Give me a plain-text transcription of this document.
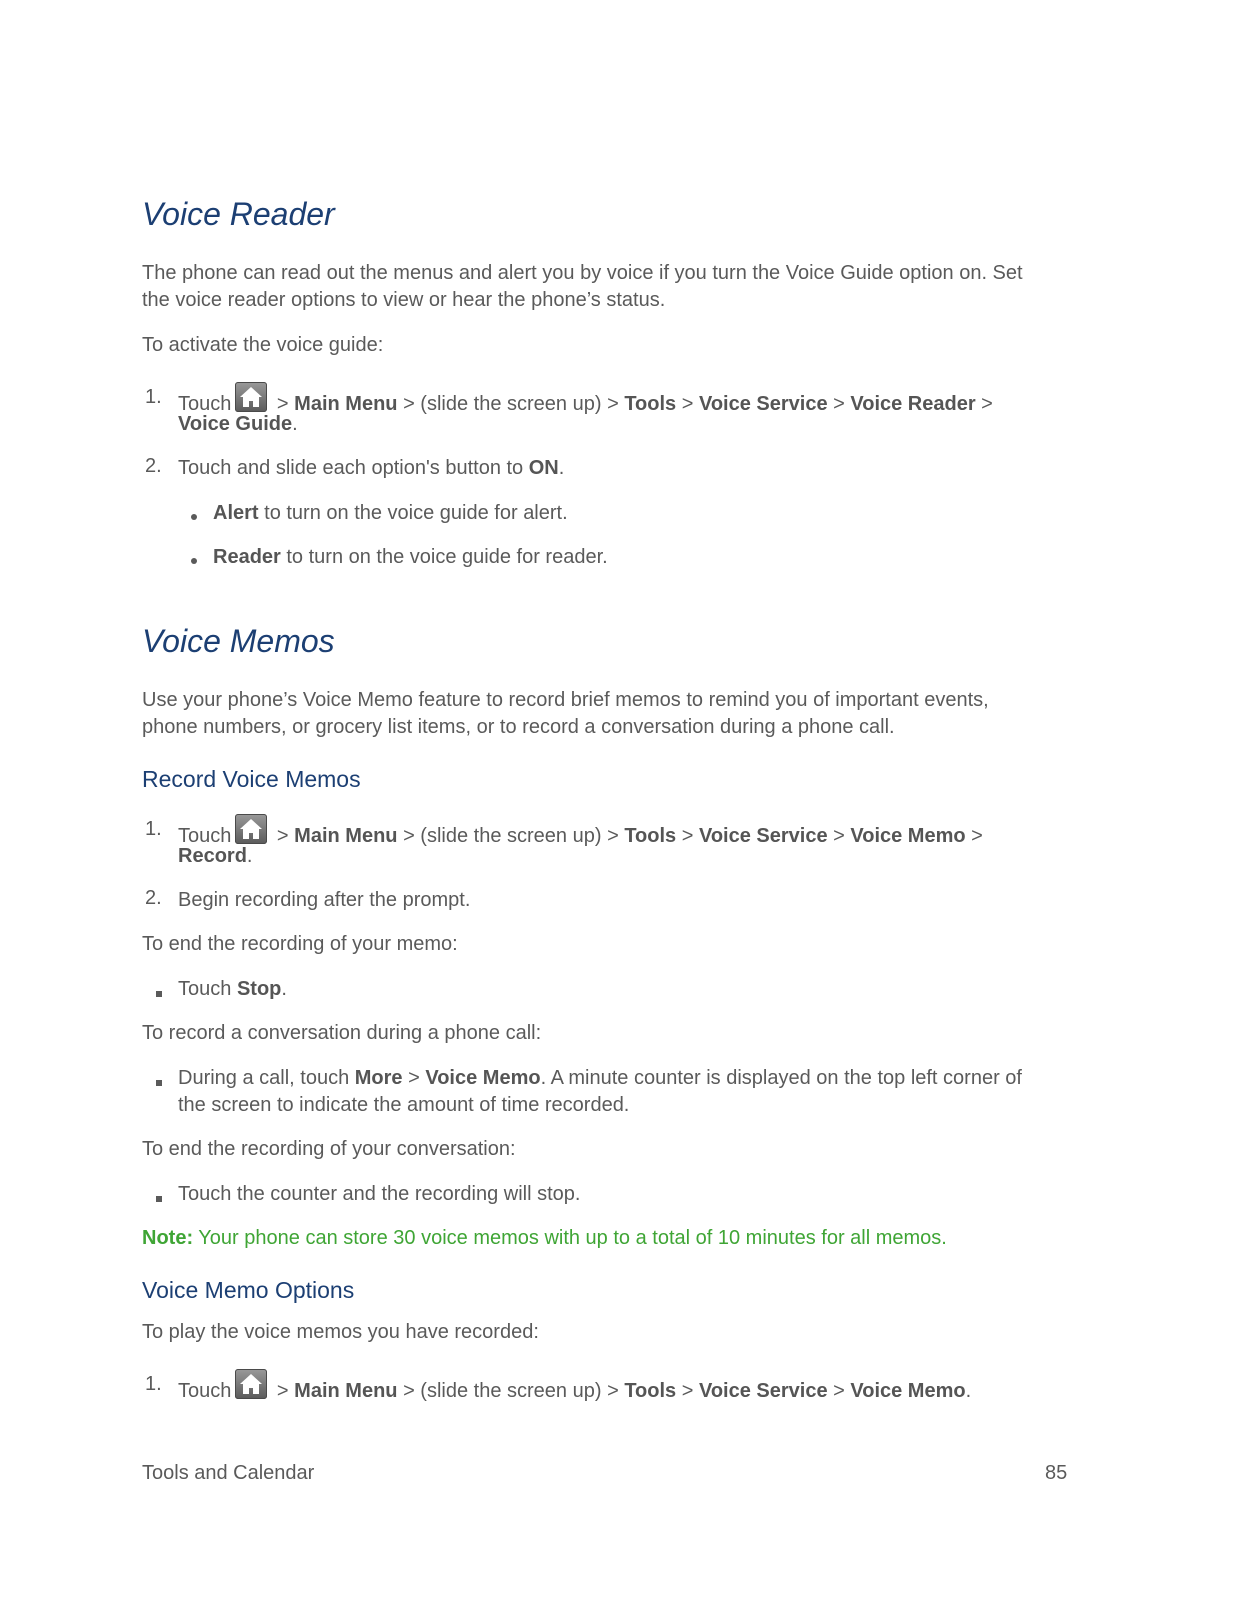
Voice Reader

The phone can read out the menus and alert you by voice if you turn the Voice Guide option on. Set

the voice reader options to view or hear the phone’s status.

To activate the voice guide:

1. Touch
> Main Menu > (slide the screen up) > Tools > Voice Service > Voice Reader >
Voice Guide.
2. Touch and slide each option's button to ON.
Alert to turn on the voice guide for alert.
Reader to turn on the voice guide for reader.
Voice Memos

Use your phone’s Voice Memo feature to record brief memos to remind you of important events,

phone numbers, or grocery list items, or to record a conversation during a phone call.

Record Voice Memos
1. Touch
> Main Menu > (slide the screen up) > Tools > Voice Service > Voice Memo >
Record.
2. Begin recording after the prompt.

To end the recording of your memo:

Touch Stop.

To record a conversation during a phone call:

During a call, touch More > Voice Memo. A minute counter is displayed on the top left corner of
the screen to indicate the amount of time recorded.

To end the recording of your conversation:

Touch the counter and the recording will stop.

Note: Your phone can store 30 voice memos with up to a total of 10 minutes for all memos.

Voice Memo Options

To play the voice memos you have recorded:

1. Touch
> Main Menu > (slide the screen up) > Tools > Voice Service > Voice Memo.
Tools and Calendar	85
